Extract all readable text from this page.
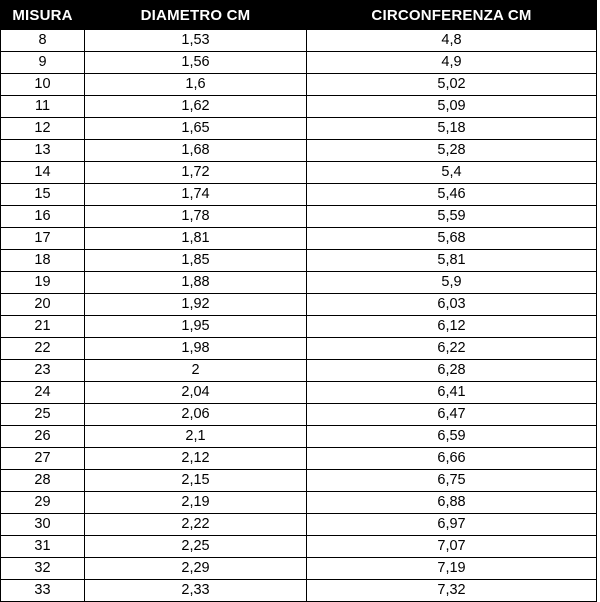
MISURA	DIAMETRO CM	CIRCONFERENZA CM
8	1,53	4,8
9	1,56	4,9
10	1,6	5,02
11	1,62	5,09
12	1,65	5,18
13	1,68	5,28
14	1,72	5,4
15	1,74	5,46
16	1,78	5,59
17	1,81	5,68
18	1,85	5,81
19	1,88	5,9
20	1,92	6,03
21	1,95	6,12
22	1,98	6,22
23	2	6,28
24	2,04	6,41
25	2,06	6,47
26	2,1	6,59
27	2,12	6,66
28	2,15	6,75
29	2,19	6,88
30	2,22	6,97
31	2,25	7,07
32	2,29	7,19
33	2,33	7,32
